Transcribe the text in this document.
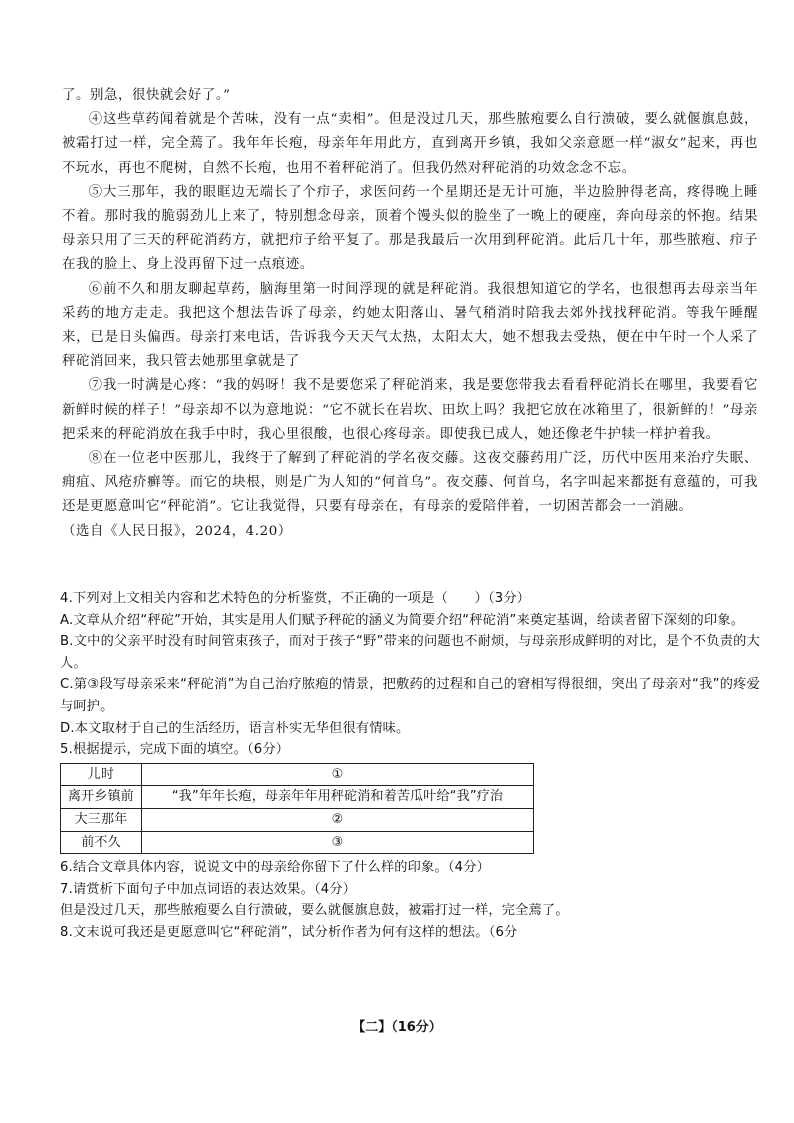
了。别急，很快就会好了。”

④这些草药闻着就是个苦味，没有一点“卖相”。但是没过几天，那些脓疱要么自行溃破，要么就偃旗息鼓，被霜打过一样，完全蔫了。我年年长疱，母亲年年用此方，直到离开乡镇，我如父亲意愿一样“淑女”起来，再也不玩水，再也不爬树，自然不长疱，也用不着秤砣消了。但我仍然对秤砣消的功效念念不忘。

⑤大三那年，我的眼眶边无端长了个疖子，求医问药一个星期还是无计可施，半边脸肿得老高，疼得晚上睡不着。那时我的脆弱劲儿上来了，特别想念母亲，顶着个馒头似的脸坐了一晚上的硬座，奔向母亲的怀抱。结果母亲只用了三天的秤砣消药方，就把疖子给平复了。那是我最后一次用到秤砣消。此后几十年，那些脓疱、疖子在我的脸上、身上没再留下过一点痕迹。

⑥前不久和朋友聊起草药，脑海里第一时间浮现的就是秤砣消。我很想知道它的学名，也很想再去母亲当年采药的地方走走。我把这个想法告诉了母亲，约她太阳落山、暑气稍消时陪我去郊外找找秤砣消。等我午睡醒来，已是日头偏西。母亲打来电话，告诉我今天天气太热，太阳太大，她不想我去受热，便在中午时一个人采了秤砣消回来，我只管去她那里拿就是了

⑦我一时满是心疼：“我的妈呀！我不是要您采了秤砣消来，我是要您带我去看看秤砣消长在哪里，我要看它新鲜时候的样子！”母亲却不以为意地说：“它不就长在岩坎、田坎上吗？我把它放在冰箱里了，很新鲜的！”母亲把采来的秤砣消放在我手中时，我心里很酸，也很心疼母亲。即使我已成人，她还像老牛护犊一样护着我。

⑧在一位老中医那儿，我终于了解到了秤砣消的学名夜交藤。这夜交藤药用广泛，历代中医用来治疗失眠、痈疽、风疮疥癣等。而它的块根，则是广为人知的“何首乌”。夜交藤、何首乌，名字叫起来都挺有意蕴的，可我还是更愿意叫它“秤砣消”。它让我觉得，只要有母亲在，有母亲的爱陪伴着，一切困苦都会一一消融。

（选自《人民日报》，2024，4.20）

4.下列对上文相关内容和艺术特色的分析鉴赏，不正确的一项是（　　）（3分）

A.文章从介绍“秤砣”开始，其实是用人们赋予秤砣的涵义为简要介绍“秤砣消”来奠定基调，给读者留下深刻的印象。

B.文中的父亲平时没有时间管束孩子，而对于孩子“野”带来的问题也不耐烦，与母亲形成鲜明的对比，是个不负责的大人。

C.第③段写母亲采来“秤砣消”为自己治疗脓疱的情景，把敷药的过程和自己的窘相写得很细，突出了母亲对“我”的疼爱与呵护。

D.本文取材于自己的生活经历，语言朴实无华但很有情味。

5.根据提示，完成下面的填空。（6分）

儿时	①
离开乡镇前	“我”年年长疱，母亲年年用秤砣消和着苦瓜叶给“我”疗治
大三那年	②
前不久	③

6.结合文章具体内容，说说文中的母亲给你留下了什么样的印象。（4分）

7.请赏析下面句子中加点词语的表达效果。（4分）

但是没过几天，那些脓疱要么自行溃破，要么就偃旗息鼓，被霜打过一样，完全蔫了。

8.文末说可我还是更愿意叫它“秤砣消”，试分析作者为何有这样的想法。（6分

【二】（16分）
